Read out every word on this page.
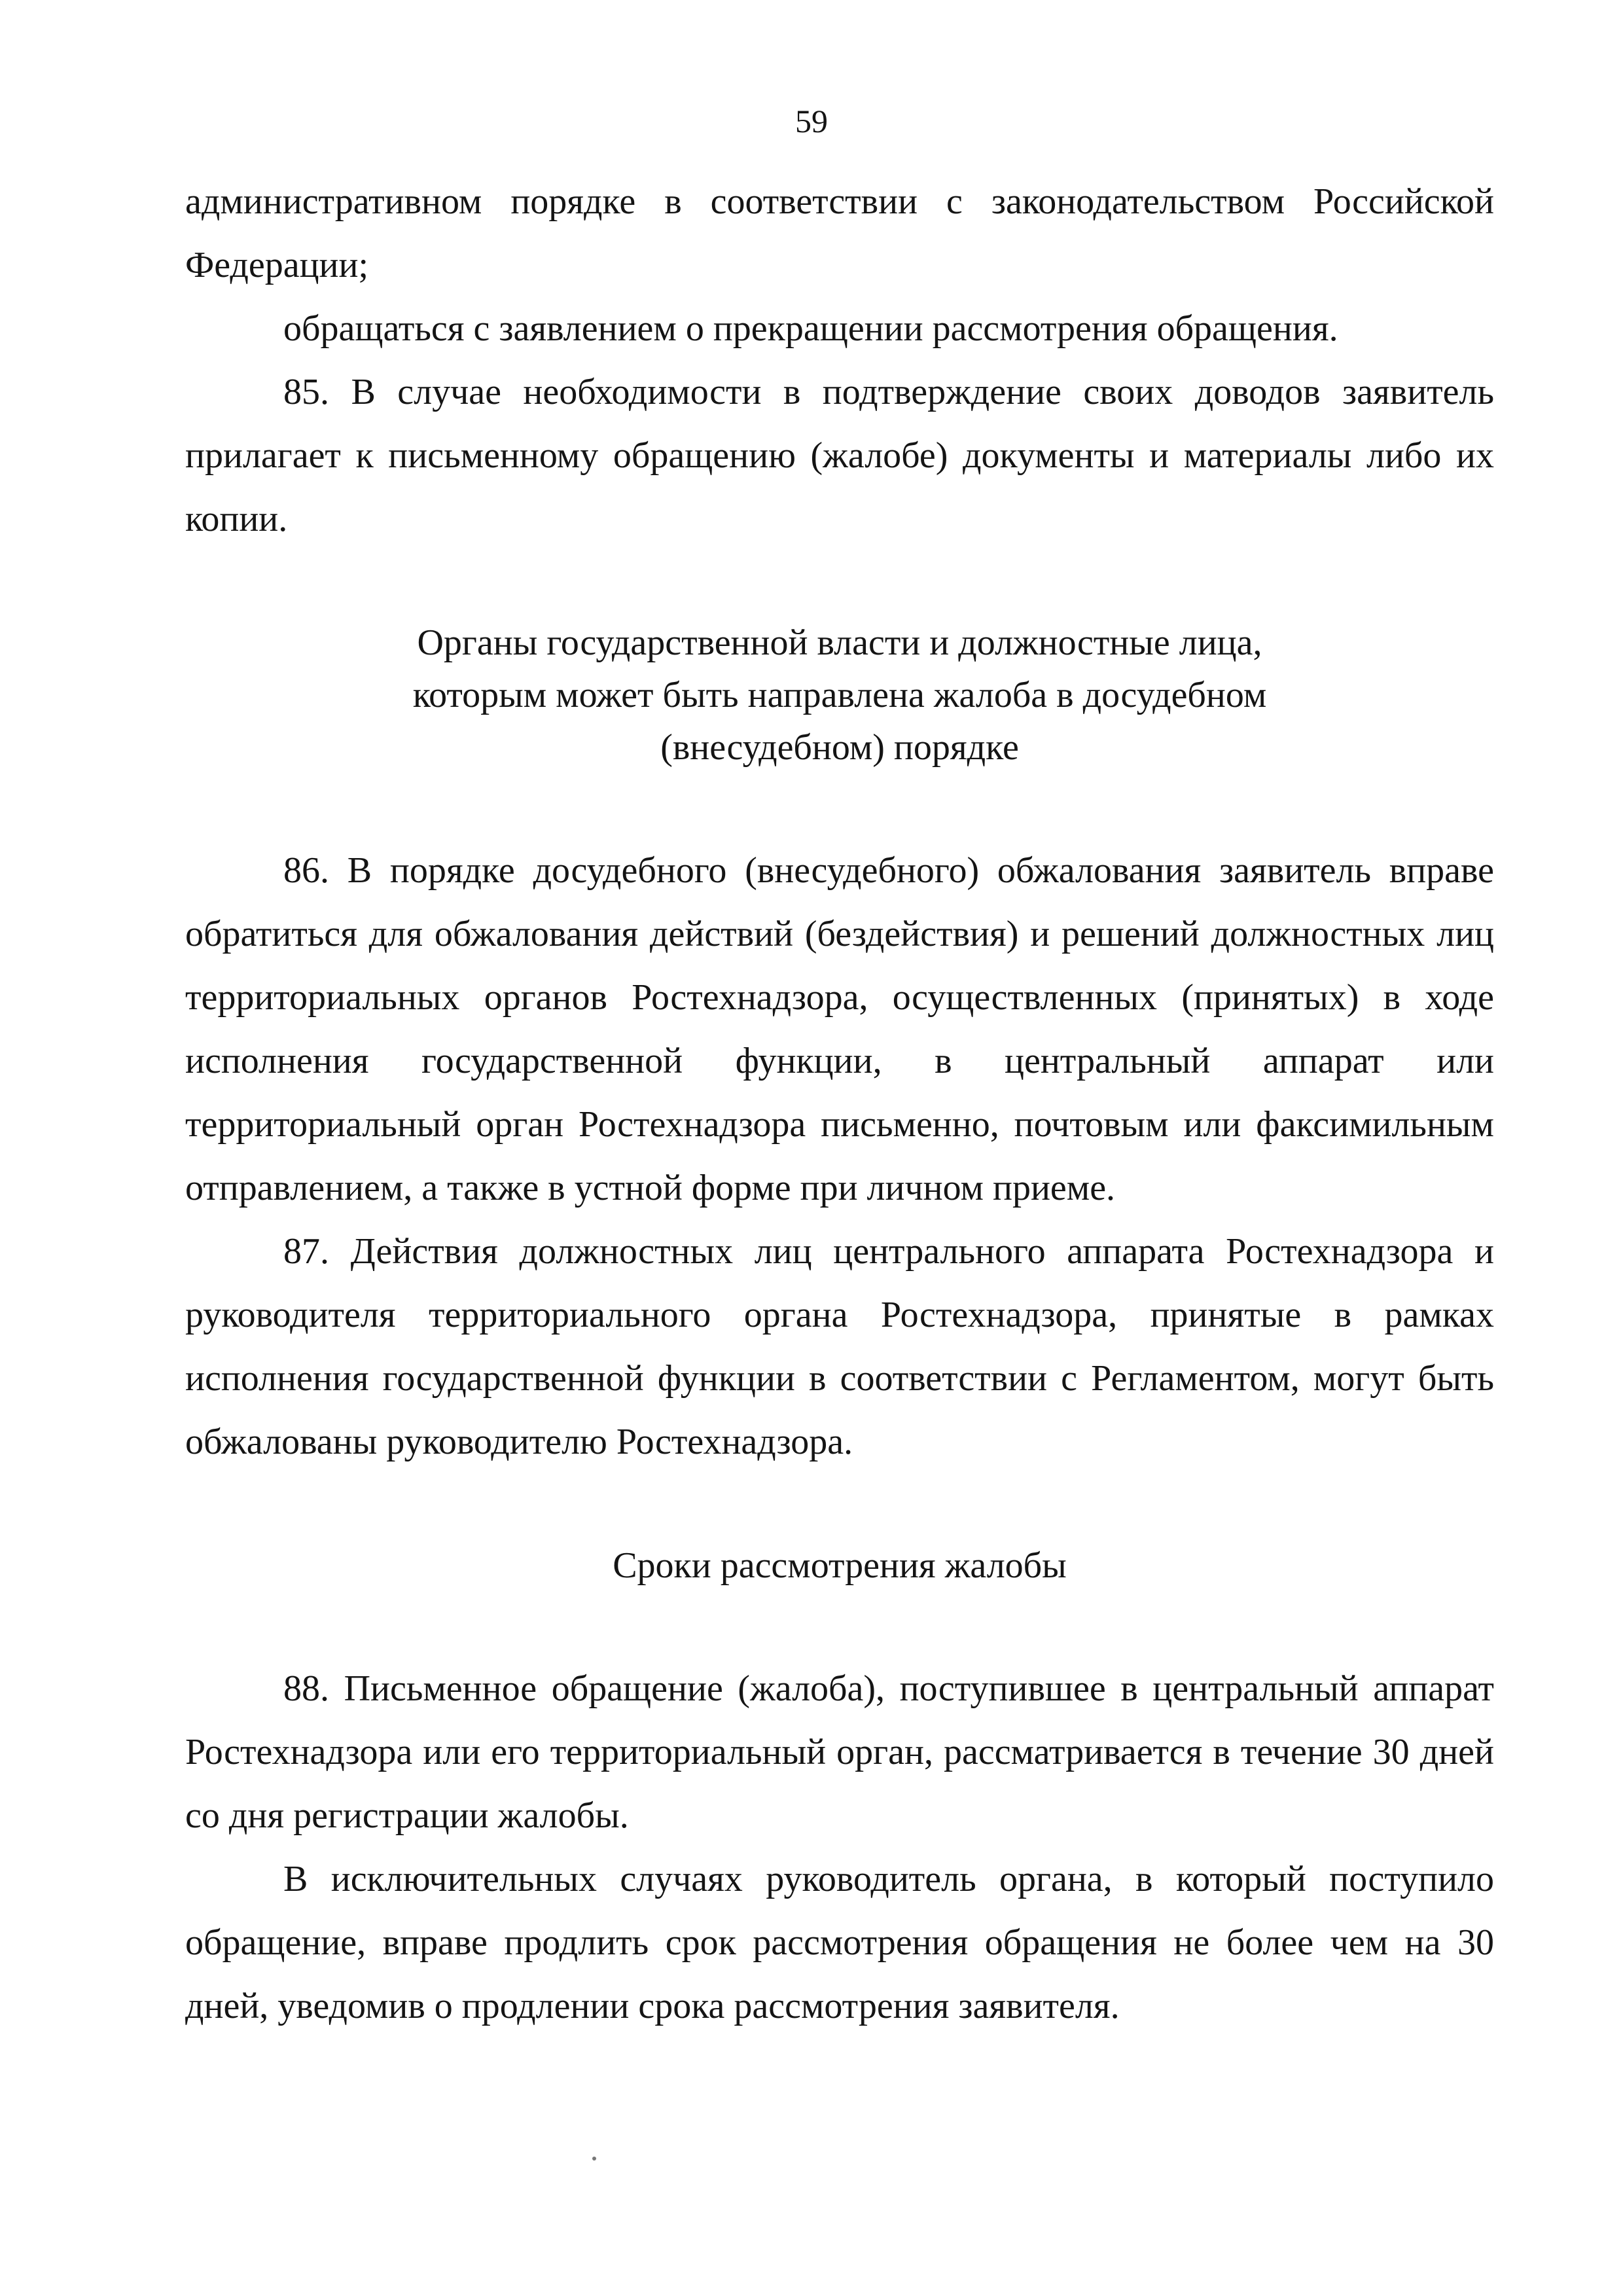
59

административном порядке в соответствии с законодательством Российской Федерации;

обращаться с заявлением о прекращении рассмотрения обращения.

85. В случае необходимости в подтверждение своих доводов заявитель прилагает к письменному обращению (жалобе) документы и материалы либо их копии.

Органы государственной власти и должностные лица,
которым может быть направлена жалоба в досудебном
(внесудебном) порядке

86. В порядке досудебного (внесудебного) обжалования заявитель вправе обратиться для обжалования действий (бездействия) и решений должностных лиц территориальных органов Ростехнадзора, осуществленных (принятых) в ходе исполнения государственной функции, в центральный аппарат или территориальный орган Ростехнадзора письменно, почтовым или факсимильным отправлением, а также в устной форме при личном приеме.

87. Действия должностных лиц центрального аппарата Ростехнадзора и руководителя территориального органа Ростехнадзора, принятые в рамках исполнения государственной функции в соответствии с Регламентом, могут быть обжалованы руководителю Ростехнадзора.

Сроки рассмотрения жалобы

88. Письменное обращение (жалоба), поступившее в центральный аппарат Ростехнадзора или его территориальный орган, рассматривается в течение 30 дней со дня регистрации жалобы.

В исключительных случаях руководитель органа, в который поступило обращение, вправе продлить срок рассмотрения обращения не более чем на 30 дней, уведомив о продлении срока рассмотрения заявителя.
